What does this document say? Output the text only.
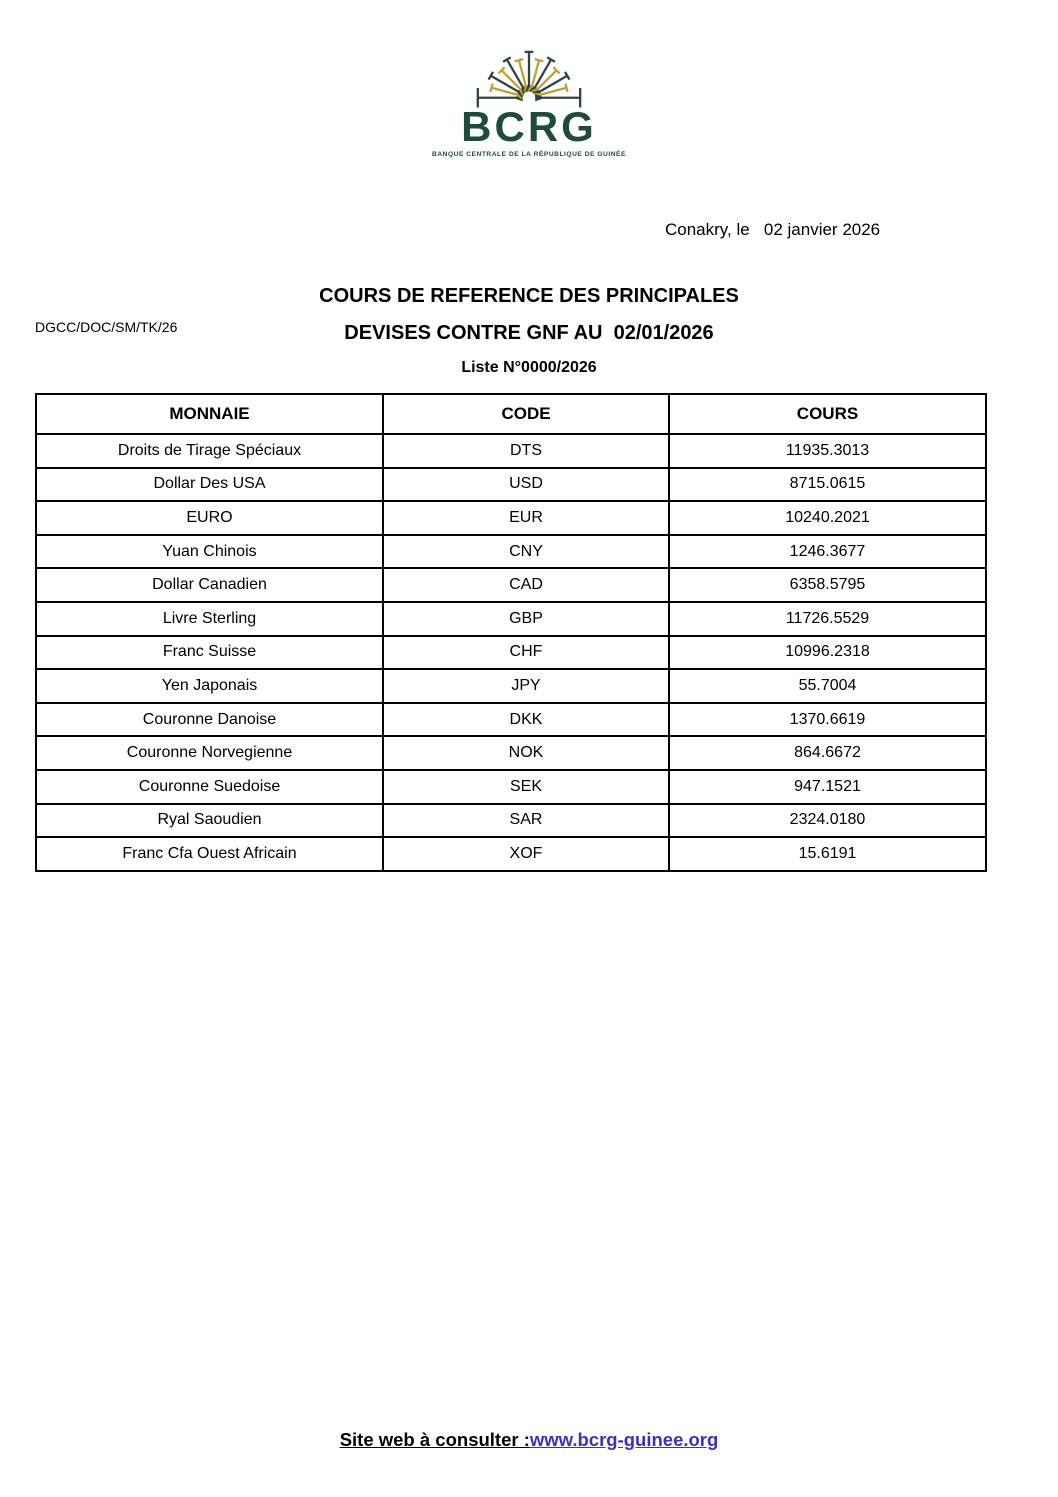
BCRG
BANQUE CENTRALE DE LA RÉPUBLIQUE DE GUINÉE
Conakry, le   02 janvier 2026
DGCC/DOC/SM/TK/26
COURS DE REFERENCE DES PRINCIPALES
DEVISES CONTRE GNF AU  02/01/2026
Liste N°0000/2026
MONNAIE	CODE	COURS
Droits de Tirage Spéciaux	DTS	11935.3013
Dollar Des USA	USD	8715.0615
EURO	EUR	10240.2021
Yuan Chinois	CNY	1246.3677
Dollar Canadien	CAD	6358.5795
Livre Sterling	GBP	11726.5529
Franc Suisse	CHF	10996.2318
Yen Japonais	JPY	55.7004
Couronne Danoise	DKK	1370.6619
Couronne Norvegienne	NOK	864.6672
Couronne Suedoise	SEK	947.1521
Ryal Saoudien	SAR	2324.0180
Franc Cfa Ouest Africain	XOF	15.6191
Site web à consulter :www.bcrg-guinee.org
